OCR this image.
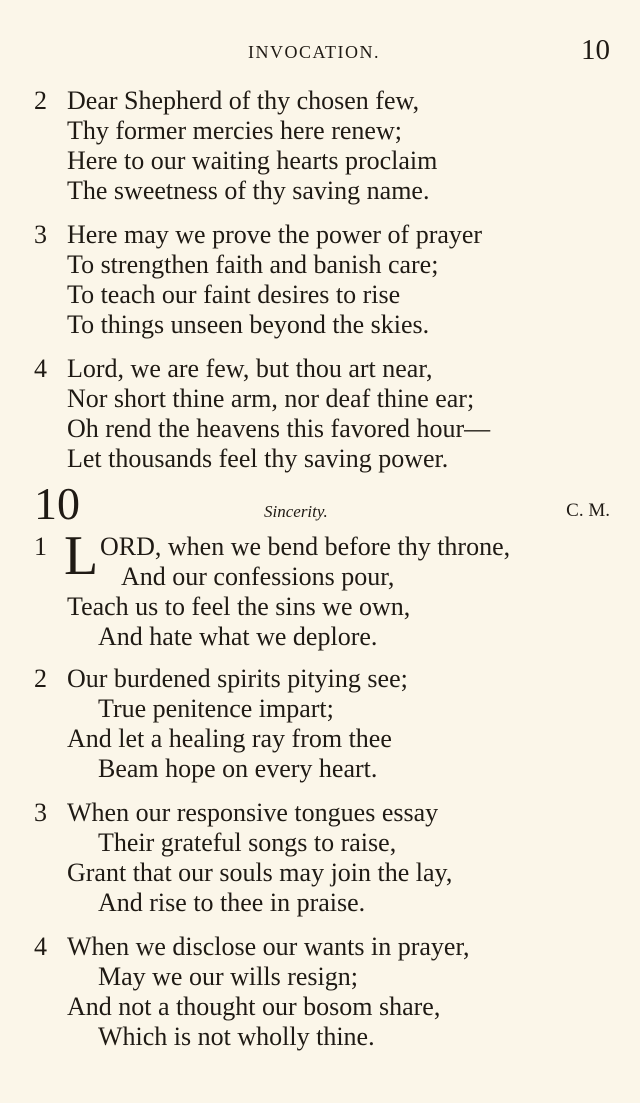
INVOCATION.	10
2 Dear Shepherd of thy chosen few,
Thy former mercies here renew;
Here to our waiting hearts proclaim
The sweetness of thy saving name.
3 Here may we prove the power of prayer
To strengthen faith and banish care;
To teach our faint desires to rise
To things unseen beyond the skies.
4 Lord, we are few, but thou art near,
Nor short thine arm, nor deaf thine ear;
Oh rend the heavens this favored hour—
Let thousands feel thy saving power.
10	Sincerity.	C. M.
1 L ORD, when we bend before thy throne,
And our confessions pour,
Teach us to feel the sins we own,
And hate what we deplore.
2 Our burdened spirits pitying see;
True penitence impart;
And let a healing ray from thee
Beam hope on every heart.
3 When our responsive tongues essay
Their grateful songs to raise,
Grant that our souls may join the lay,
And rise to thee in praise.
4 When we disclose our wants in prayer,
May we our wills resign;
And not a thought our bosom share,
Which is not wholly thine.
